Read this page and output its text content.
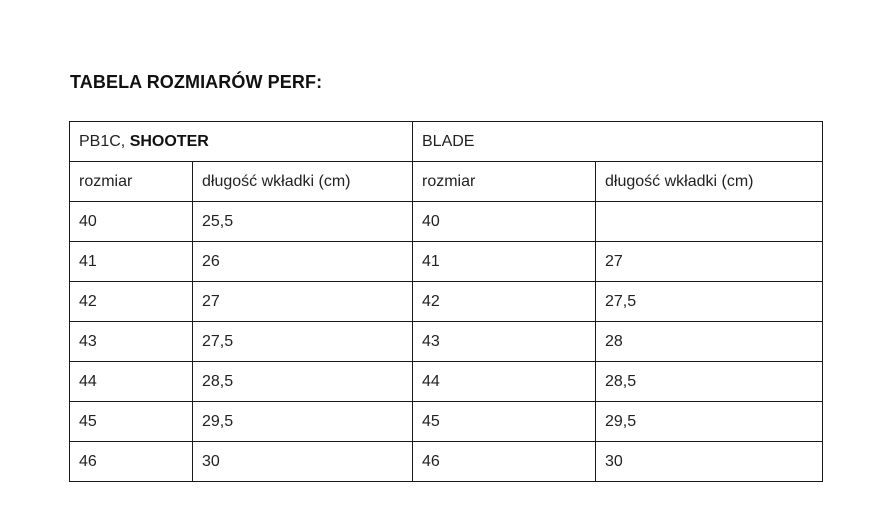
TABELA ROZMIARÓW PERF:
PB1C, SHOOTER		BLADE	
rozmiar	długość wkładki (cm)	rozmiar	długość wkładki (cm)
40	25,5	40	
41	26	41	27
42	27	42	27,5
43	27,5	43	28
44	28,5	44	28,5
45	29,5	45	29,5
46	30	46	30
